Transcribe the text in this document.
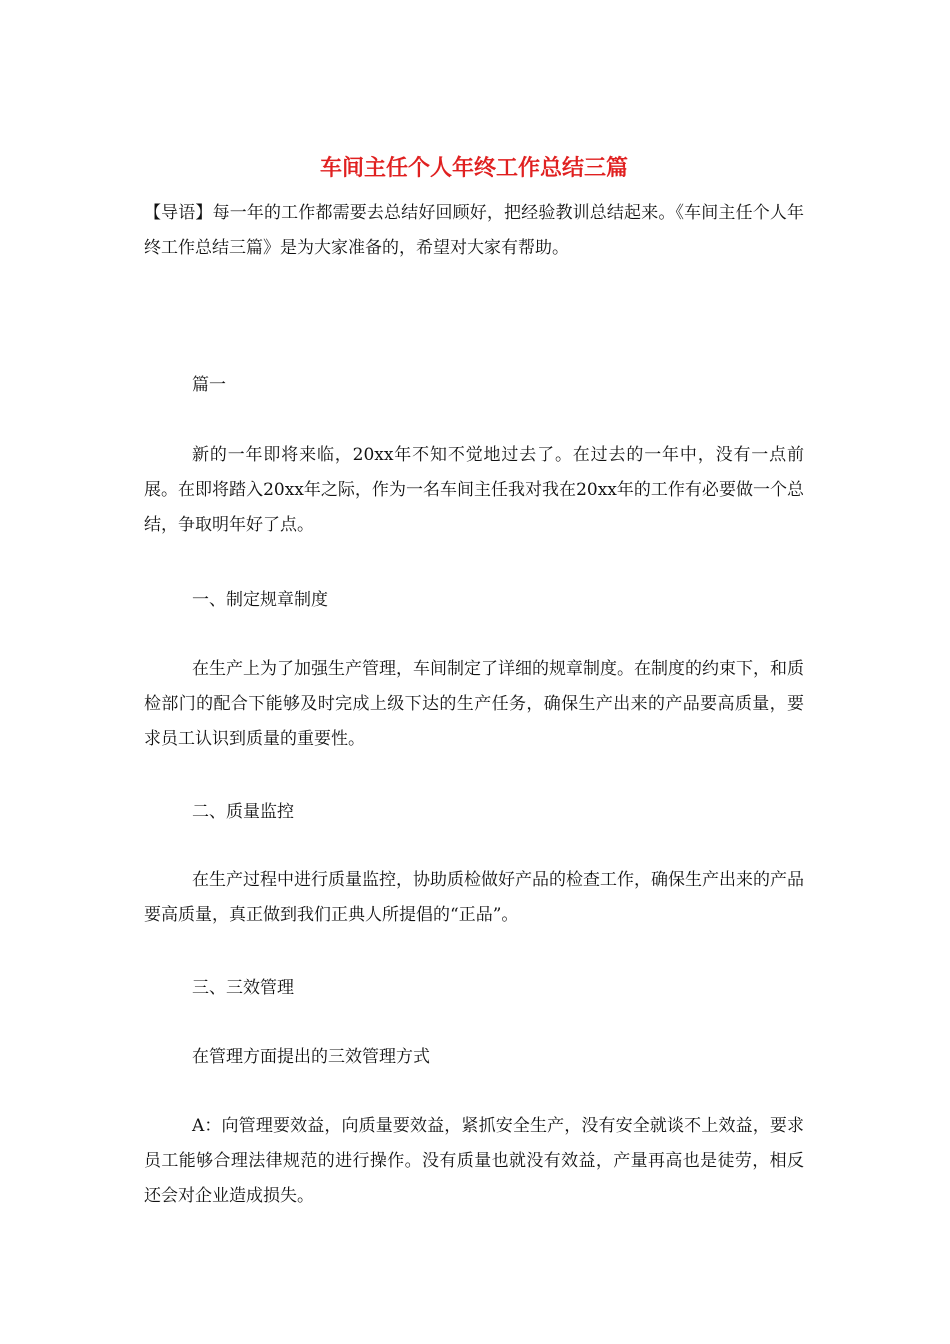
车间主任个人年终工作总结三篇

【导语】每一年的工作都需要去总结好回顾好，把经验教训总结起来。《车间主任个人年终工作总结三篇》是为大家准备的，希望对大家有帮助。

篇一

新的一年即将来临，20xx年不知不觉地过去了。在过去的一年中，没有一点前展。在即将踏入20xx年之际，作为一名车间主任我对我在20xx年的工作有必要做一个总结，争取明年好了点。

一、制定规章制度

在生产上为了加强生产管理，车间制定了详细的规章制度。在制度的约束下，和质检部门的配合下能够及时完成上级下达的生产任务，确保生产出来的产品要高质量，要求员工认识到质量的重要性。

二、质量监控

在生产过程中进行质量监控，协助质检做好产品的检查工作，确保生产出来的产品要高质量，真正做到我们正典人所提倡的“正品”。

三、三效管理

在管理方面提出的三效管理方式

A：向管理要效益，向质量要效益，紧抓安全生产，没有安全就谈不上效益，要求员工能够合理法律规范的进行操作。没有质量也就没有效益，产量再高也是徒劳，相反还会对企业造成损失。
